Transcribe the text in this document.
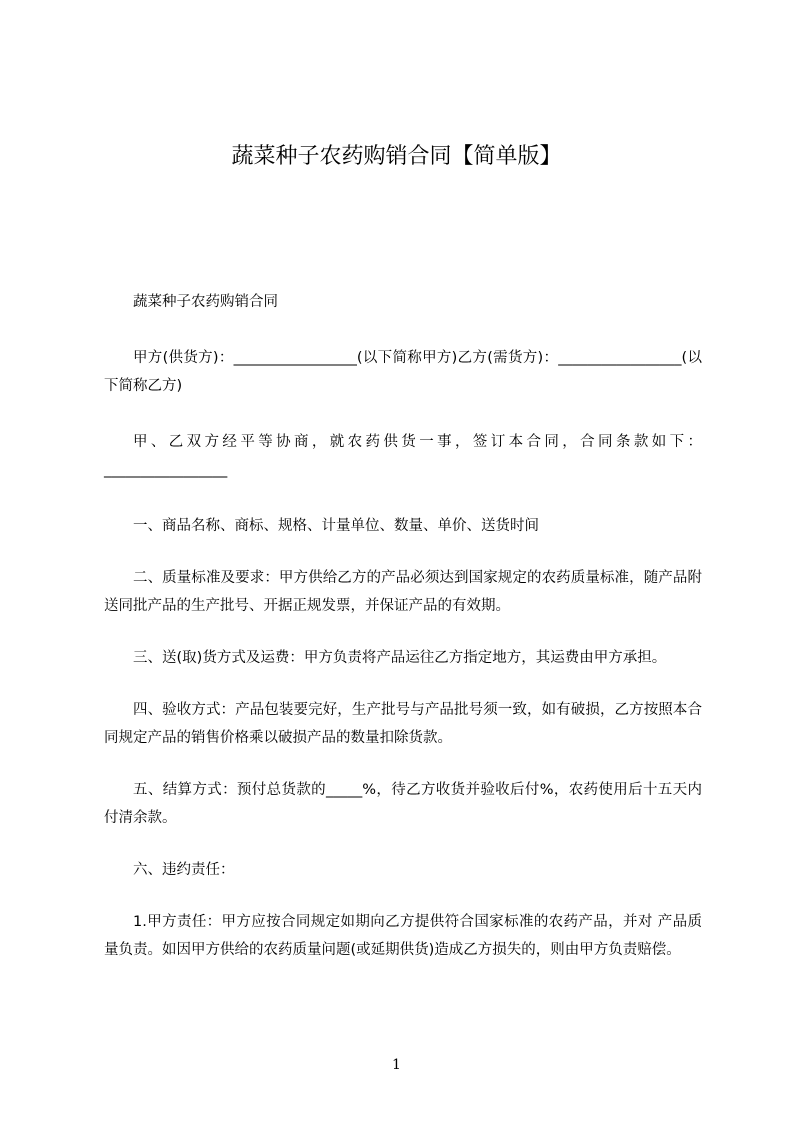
蔬菜种子农药购销合同【简单版】

蔬菜种子农药购销合同

甲方(供货方)：_________________(以下简称甲方)乙方(需货方)：_________________(以下简称乙方)

甲、乙双方经平等协商，就农药供货一事，签订本合同，合同条款如下：_________________

一、商品名称、商标、规格、计量单位、数量、单价、送货时间

二、质量标准及要求：甲方供给乙方的产品必须达到国家规定的农药质量标准，随产品附送同批产品的生产批号、开据正规发票，并保证产品的有效期。

三、送(取)货方式及运费：甲方负责将产品运往乙方指定地方，其运费由甲方承担。

四、验收方式：产品包装要完好，生产批号与产品批号须一致，如有破损，乙方按照本合同规定产品的销售价格乘以破损产品的数量扣除货款。

五、结算方式：预付总货款的_____%，待乙方收货并验收后付%，农药使用后十五天内付清余款。

六、违约责任：

1.甲方责任：甲方应按合同规定如期向乙方提供符合国家标准的农药产品，并对 产品质量负责。如因甲方供给的农药质量问题(或延期供货)造成乙方损失的，则由甲方负责赔偿。

1
